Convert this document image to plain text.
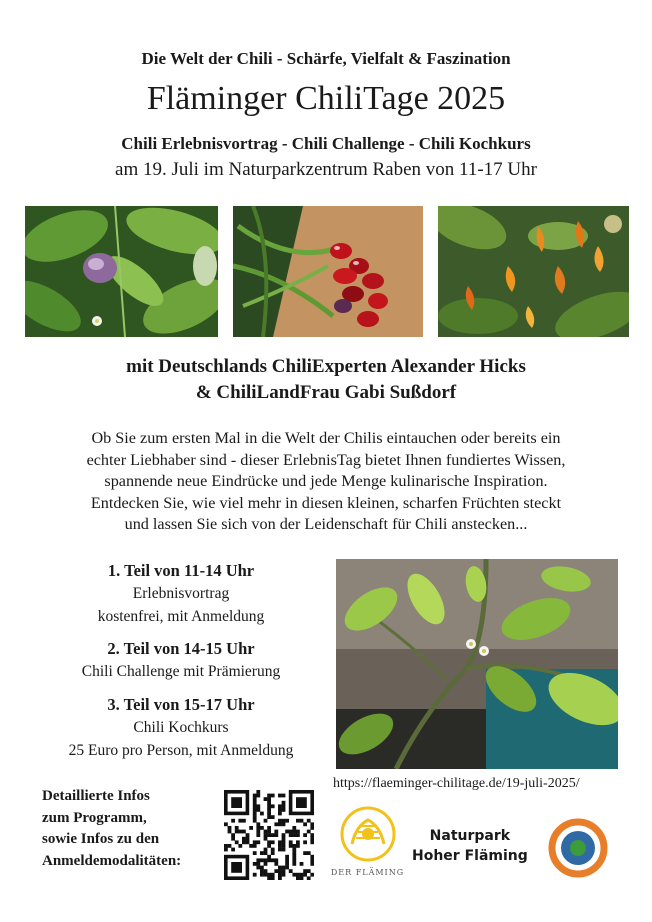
Die Welt der Chili - Schärfe, Vielfalt & Faszination
Fläminger ChiliTage 2025
Chili Erlebnisvortrag - Chili Challenge - Chili Kochkurs
am 19. Juli im Naturparkzentrum Raben von 11-17 Uhr
mit Deutschlands ChiliExperten Alexander Hicks
& ChiliLandFrau Gabi Sußdorf
Ob Sie zum ersten Mal in die Welt der Chilis eintauchen oder bereits ein
echter Liebhaber sind - dieser ErlebnisTag bietet Ihnen fundiertes Wissen,
spannende neue Eindrücke und jede Menge kulinarische Inspiration.
Entdecken Sie, wie viel mehr in diesen kleinen, scharfen Früchten steckt
und lassen Sie sich von der Leidenschaft für Chili anstecken...
1. Teil von 11-14 Uhr
Erlebnisvortrag
kostenfrei, mit Anmeldung
2. Teil von 14-15 Uhr
Chili Challenge mit Prämierung
3. Teil von 15-17 Uhr
Chili Kochkurs
25 Euro pro Person, mit Anmeldung
https://flaeminger-chilitage.de/19-juli-2025/
Detaillierte Infos
zum Programm,
sowie Infos zu den
Anmeldemodalitäten:
DER FLÄMING
Naturpark
Hoher Fläming
